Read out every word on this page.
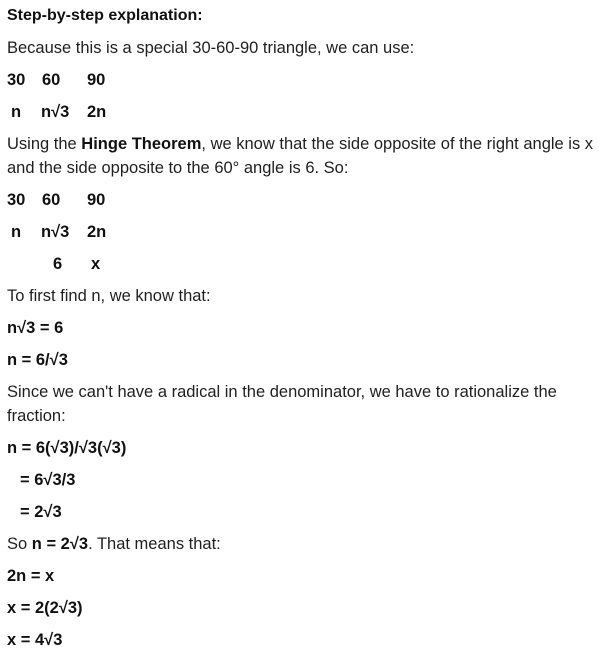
Step-by-step explanation:
Because this is a special 30-60-90 triangle, we can use:
30 60 90
n n√3 2n
Using the Hinge Theorem, we know that the side opposite of the right angle is x and the side opposite to the 60° angle is 6. So:
30 60 90
n n√3 2n
6 x
To first find n, we know that:
n√3 = 6
n = 6/√3
Since we can't have a radical in the denominator, we have to rationalize the fraction:
n = 6(√3)/√3(√3)
= 6√3/3
= 2√3
So n = 2√3. That means that:
2n = x
x = 2(2√3)
x = 4√3
